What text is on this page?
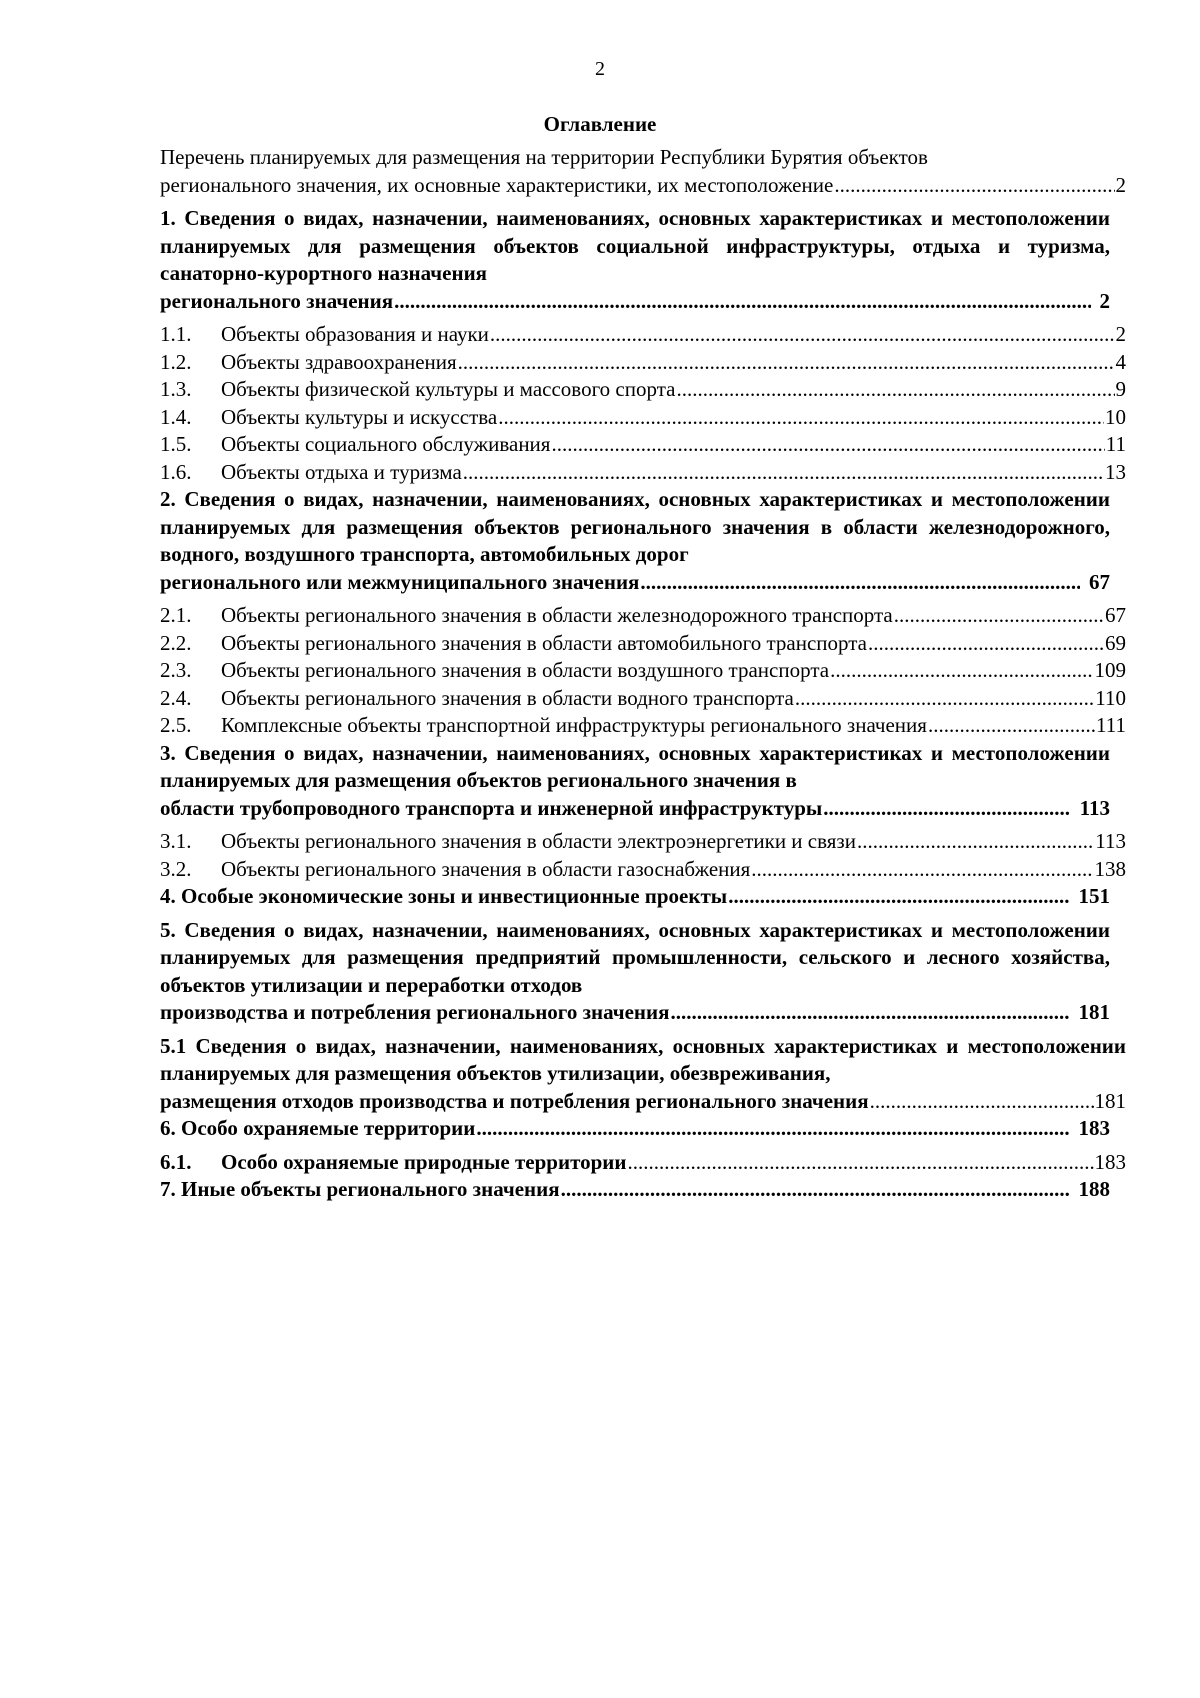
2
Оглавление
Перечень планируемых для размещения на территории Республики Бурятия объектов
регионального значения, их основные характеристики, их местоположение .....	2
1. Сведения о видах, назначении, наименованиях, основных характеристиках и местоположении планируемых для размещения объектов социальной инфраструктуры, отдыха и туризма, санаторно-курортного назначения
регионального значения .....	2
1.1.	Объекты образования и науки .....	2
1.2.	Объекты здравоохранения .....	4
1.3.	Объекты физической культуры и массового спорта .....	9
1.4.	Объекты культуры и искусства .....	10
1.5.	Объекты социального обслуживания .....	11
1.6.	Объекты отдыха и туризма .....	13
2. Сведения о видах, назначении, наименованиях, основных характеристиках и местоположении планируемых для размещения объектов регионального значения в области железнодорожного, водного, воздушного транспорта, автомобильных дорог
регионального или межмуниципального значения .....	67
2.1.	Объекты регионального значения в области железнодорожного транспорта .....	67
2.2.	Объекты регионального значения в области автомобильного транспорта .....	69
2.3.	Объекты регионального значения в области воздушного транспорта .....	109
2.4.	Объекты регионального значения в области водного транспорта .....	110
2.5.	Комплексные объекты транспортной инфраструктуры регионального значения .....	111
3. Сведения о видах, назначении, наименованиях, основных характеристиках и местоположении планируемых для размещения объектов регионального значения в
области трубопроводного транспорта и инженерной инфраструктуры .....	113
3.1.	Объекты регионального значения в области электроэнергетики и связи .....	113
3.2.	Объекты регионального значения в области газоснабжения .....	138
4. Особые экономические зоны и инвестиционные проекты .....	151
5. Сведения о видах, назначении, наименованиях, основных характеристиках и местоположении планируемых для размещения предприятий промышленности, сельского и лесного хозяйства, объектов утилизации и переработки отходов
производства и потребления регионального значения .....	181
5.1 Сведения о видах, назначении, наименованиях, основных характеристиках и местоположении планируемых для размещения объектов утилизации, обезвреживания,
размещения отходов производства и потребления регионального значения .....	181
6. Особо охраняемые территории .....	183
6.1.	Особо охраняемые природные территории .....	183
7. Иные объекты регионального значения .....	188
